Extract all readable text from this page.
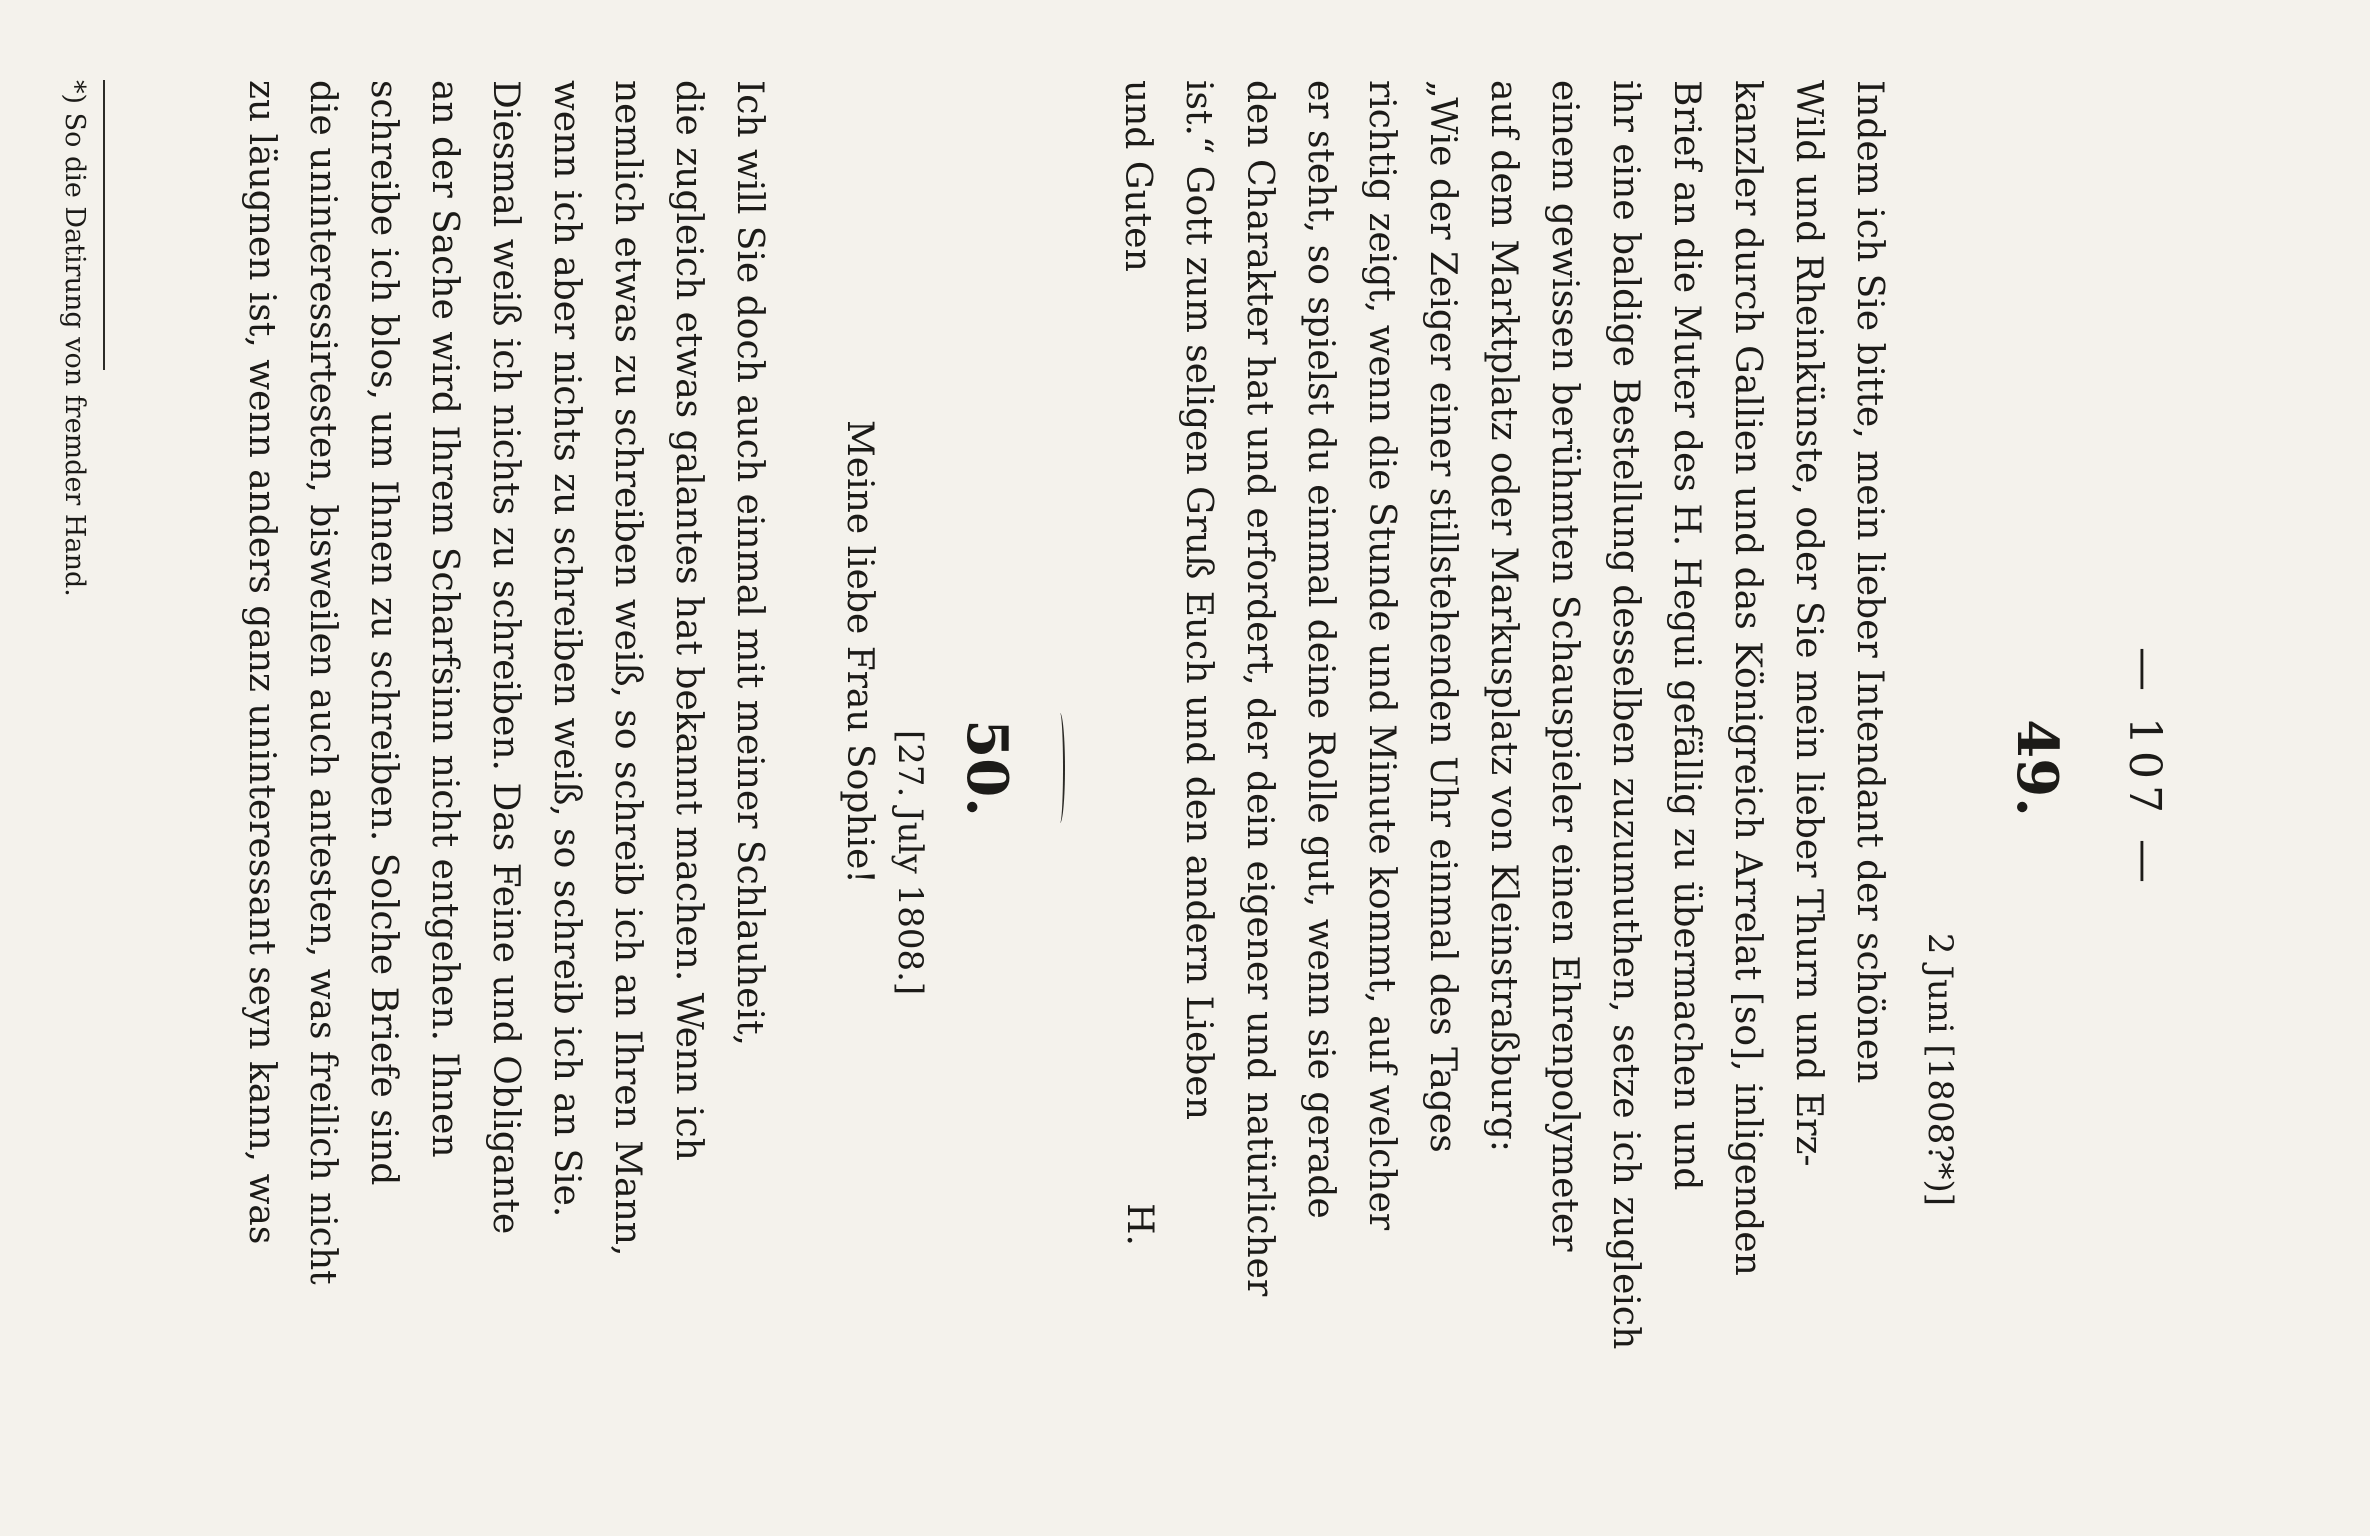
— 107 —
49.
2 Juni [1808?*)]
Indem ich Sie bitte, mein lieber Intendant der schönen
Wild und Rheinkünste, oder Sie mein lieber Thurn und Erz-
kanzler durch Gallien und das Königreich Arrelat [so], inligenden
Brief an die Muter des H. Hegui gefällig zu übermachen und
ihr eine baldige Bestellung desselben zuzumuthen, setze ich zugleich
einem gewissen berühmten Schauspieler einen Ehrenpolymeter
auf dem Marktplatz oder Markusplatz von Kleinstraßburg:
„Wie der Zeiger einer stillstehenden Uhr einmal des Tages
richtig zeigt, wenn die Stunde und Minute kommt, auf welcher
er steht, so spielst du einmal deine Rolle gut, wenn sie gerade
den Charakter hat und erfordert, der dein eigener und natürlicher
ist.“ Gott zum seligen Gruß Euch und den andern Lieben
und Guten
H.
50.
[27. July 1808.]
Meine liebe Frau Sophie!
Ich will Sie doch auch einmal mit meiner Schlauheit,
die zugleich etwas galantes hat bekannt machen. Wenn ich
nemlich etwas zu schreiben weiß, so schreib ich an Ihren Mann,
wenn ich aber nichts zu schreiben weiß, so schreib ich an Sie.
Diesmal weiß ich nichts zu schreiben. Das Feine und Obligante
an der Sache wird Ihrem Scharfsinn nicht entgehen. Ihnen
schreibe ich blos, um Ihnen zu schreiben. Solche Briefe sind
die uninteressirtesten, bisweilen auch antesten, was freilich nicht
zu läugnen ist, wenn anders ganz uninteressant seyn kann, was
*) So die Datirung von fremder Hand.
